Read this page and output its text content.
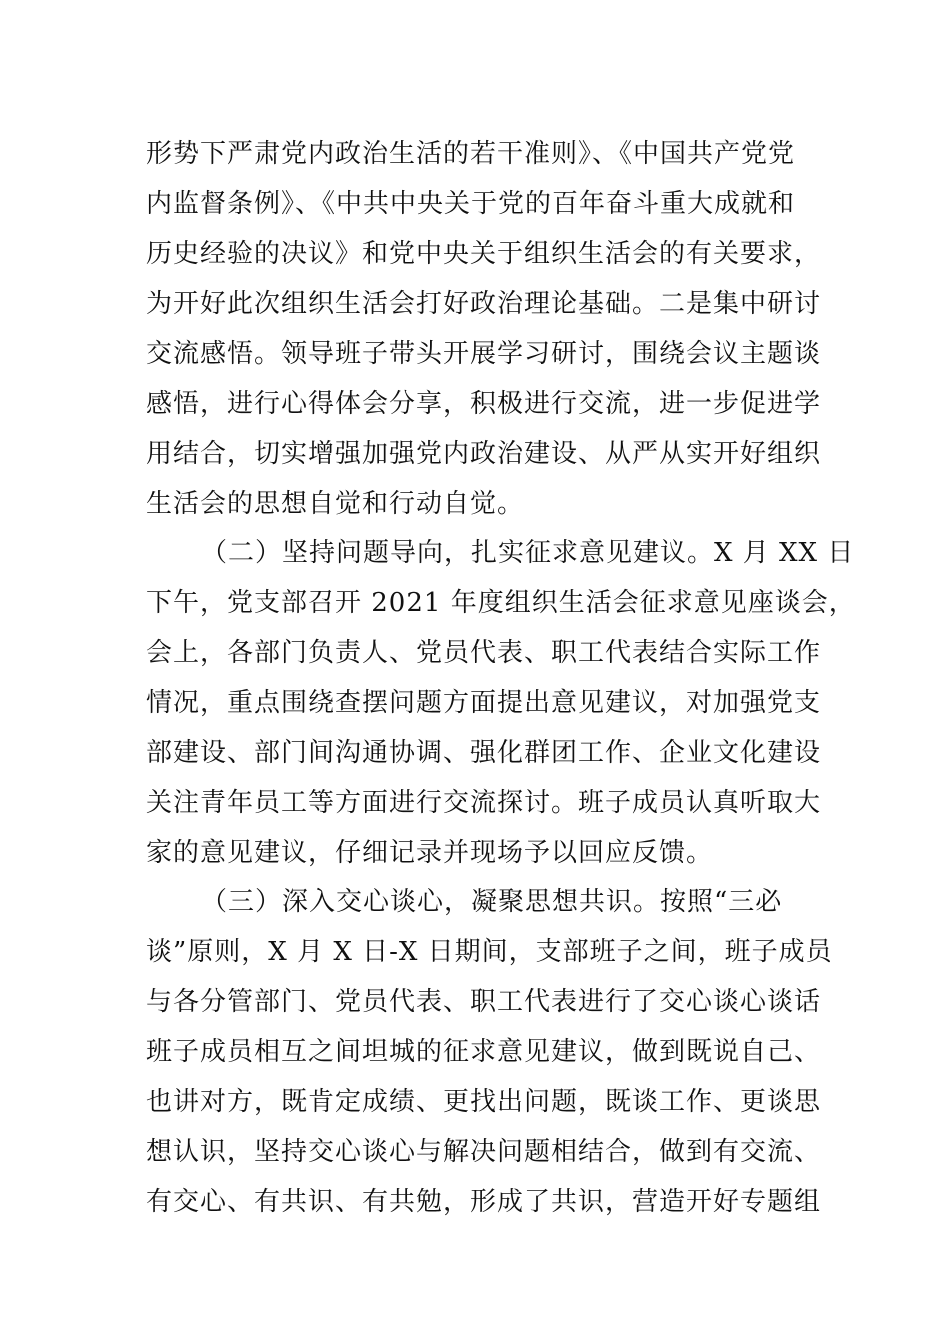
形势下严肃党内政治生活的若干准则》、《中国共产党党

内监督条例》、《中共中央关于党的百年奋斗重大成就和

历史经验的决议》和党中央关于组织生活会的有关要求，

为开好此次组织生活会打好政治理论基础。二是集中研讨

交流感悟。领导班子带头开展学习研讨，围绕会议主题谈

感悟，进行心得体会分享，积极进行交流，进一步促进学

用结合，切实增强加强党内政治建设、从严从实开好组织

生活会的思想自觉和行动自觉。

（二）坚持问题导向，扎实征求意见建议。X 月 XX 日

下午，党支部召开 2021 年度组织生活会征求意见座谈会，

会上，各部门负责人、党员代表、职工代表结合实际工作

情况，重点围绕查摆问题方面提出意见建议，对加强党支

部建设、部门间沟通协调、强化群团工作、企业文化建设

关注青年员工等方面进行交流探讨。班子成员认真听取大

家的意见建议，仔细记录并现场予以回应反馈。

（三）深入交心谈心，凝聚思想共识。按照“三必

谈”原则，X 月 X 日-X 日期间，支部班子之间，班子成员

与各分管部门、党员代表、职工代表进行了交心谈心谈话

班子成员相互之间坦城的征求意见建议，做到既说自己、

也讲对方，既肯定成绩、更找出问题，既谈工作、更谈思

想认识，坚持交心谈心与解决问题相结合，做到有交流、

有交心、有共识、有共勉，形成了共识，营造开好专题组
